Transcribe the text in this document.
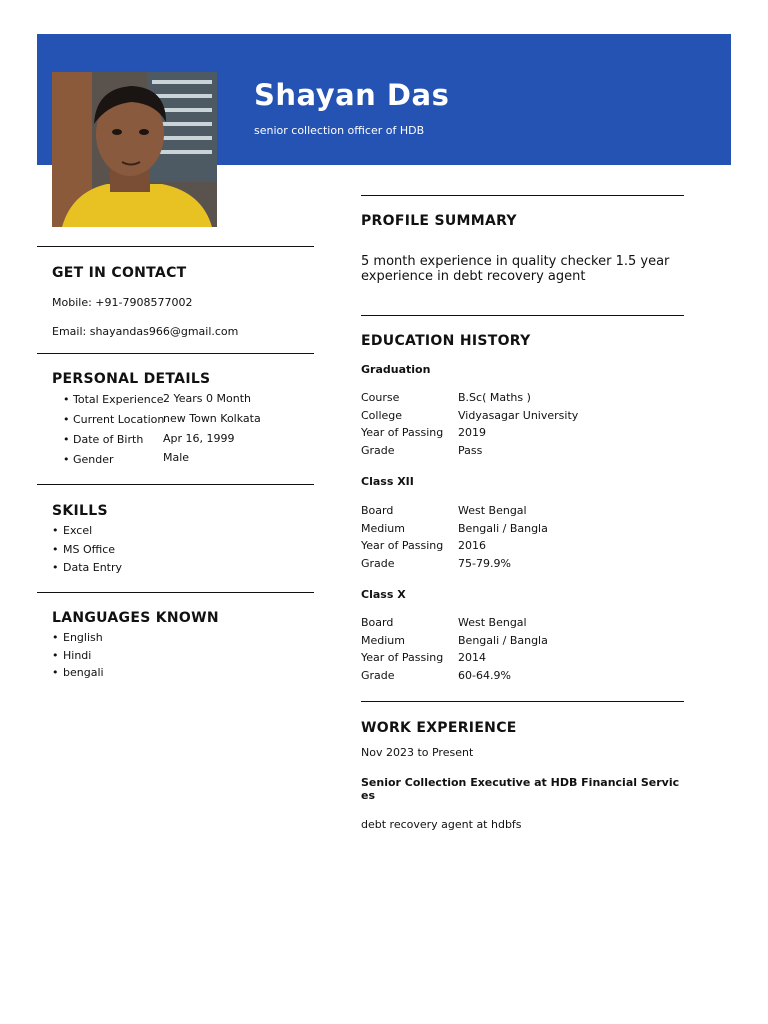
Shayan Das
senior collection officer of HDB
GET IN CONTACT
Mobile: +91-7908577002
Email: shayandas966@gmail.com
PERSONAL DETAILS
• Total Experience 2 Years 0 Month
• Current Location
new Town Kolkata
• Date of Birth Apr 16, 1999
• Gender	Male
SKILLS
• Excel
• MS Office
• Data Entry
LANGUAGES KNOWN
• English
• Hindi
• bengali
PROFILE SUMMARY
5 month experience in quality checker 1.5 year experience in debt recovery agent
EDUCATION HISTORY
Graduation
Course	B.Sc( Maths )
College	Vidyasagar University
Year of Passing 2019
Grade	Pass
Class XII
Board	West Bengal
Medium	Bengali / Bangla
Year of Passing 2016
Grade	75-79.9%
Class X
Board	West Bengal
Medium	Bengali / Bangla
Year of Passing 2014
Grade	60-64.9%
WORK EXPERIENCE
Nov 2023 to Present
Senior Collection Executive at HDB Financial Services
debt recovery agent at hdbfs
